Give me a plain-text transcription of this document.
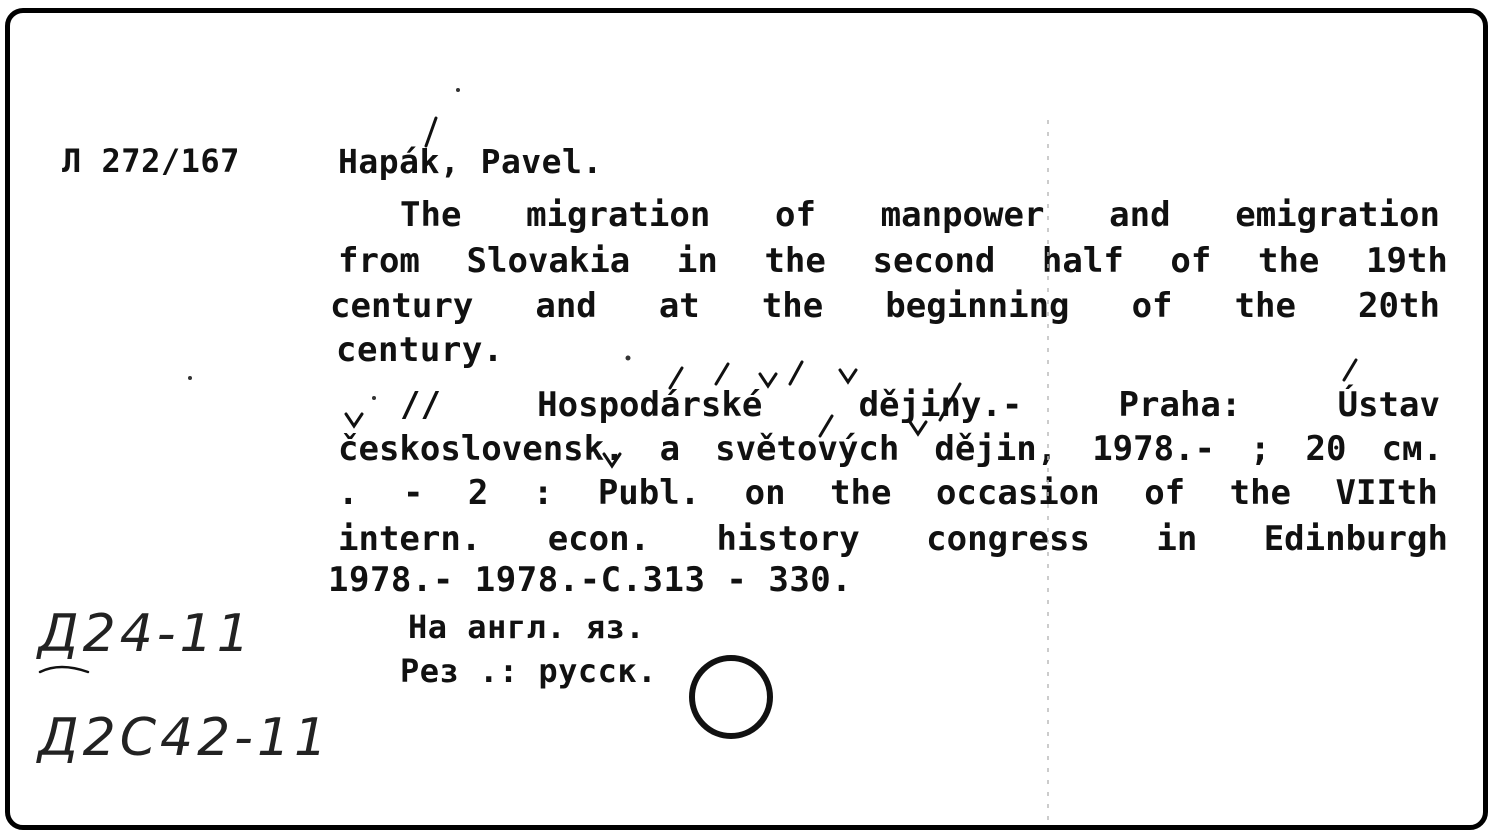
Л 272/167	Hapák, Pavel.
The migration of manpower and emigration
from Slovakia in the second half of the 19th
century and at the beginning of the 20th
century.
//	Hospodárské	dějiny.-	Praha:	Ústav
československ. a světových dějin, 1978.- ; 20 см.
. - 2 : Publ. on the occasion of the VIIth
intern. econ. history congress in Edinburgh
1978.- 1978.-С.313 - 330.
На англ. яз.
Рез .: русск.
Д24-11
Д2С42-11
